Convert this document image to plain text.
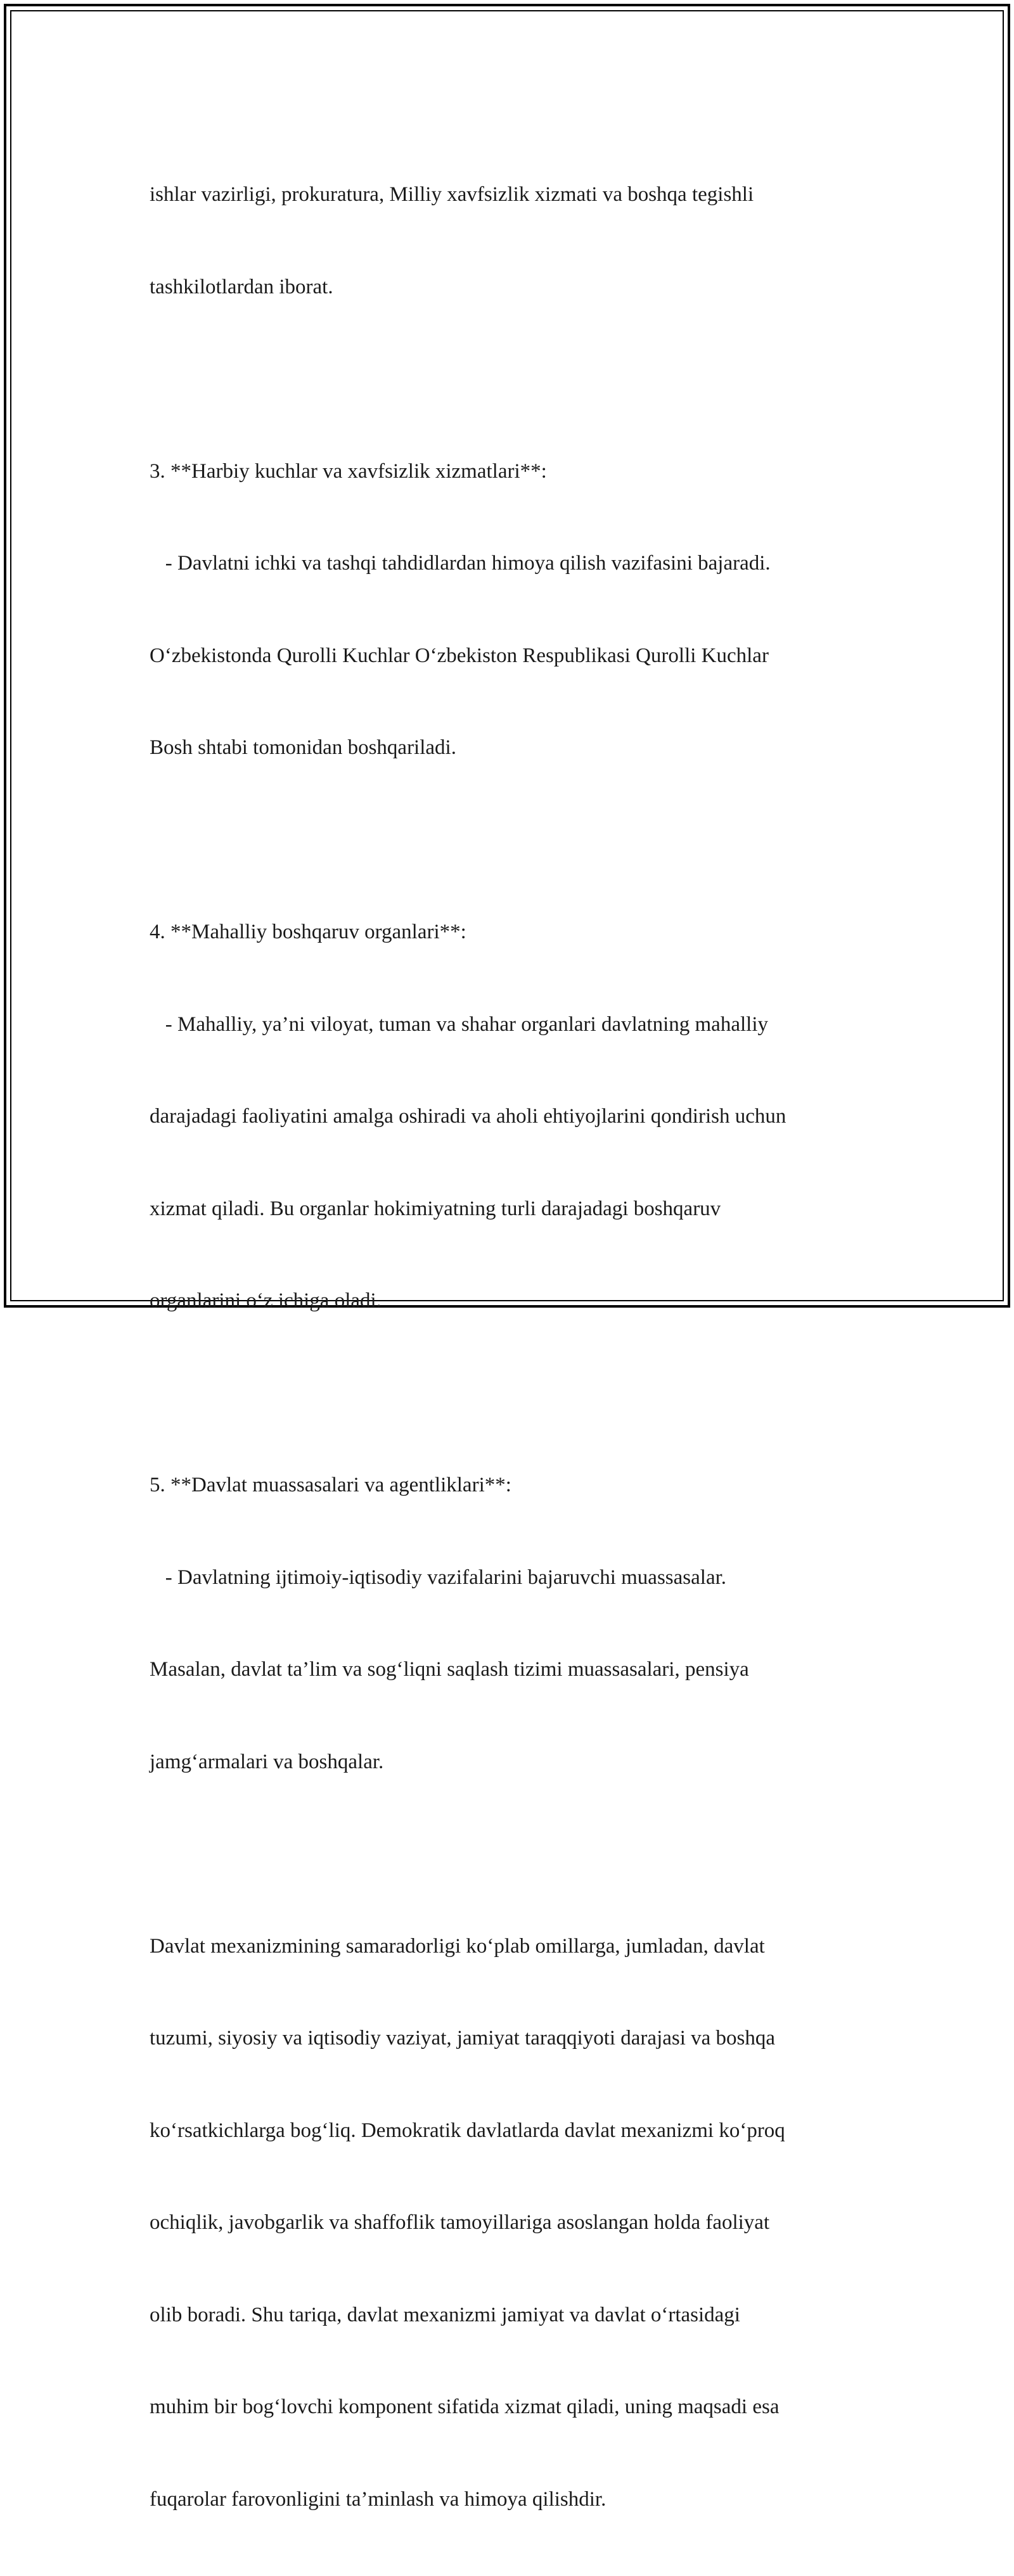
ishlar vazirligi, prokuratura, Milliy xavfsizlik xizmati va boshqa tegishli

tashkilotlardan iborat.

3. **Harbiy kuchlar va xavfsizlik xizmatlari**:

- Davlatni ichki va tashqi tahdidlardan himoya qilish vazifasini bajaradi.

O‘zbekistonda Qurolli Kuchlar O‘zbekiston Respublikasi Qurolli Kuchlar

Bosh shtabi tomonidan boshqariladi.

4. **Mahalliy boshqaruv organlari**:

- Mahalliy, ya’ni viloyat, tuman va shahar organlari davlatning mahalliy

darajadagi faoliyatini amalga oshiradi va aholi ehtiyojlarini qondirish uchun

xizmat qiladi. Bu organlar hokimiyatning turli darajadagi boshqaruv

organlarini o‘z ichiga oladi.

5. **Davlat muassasalari va agentliklari**:

- Davlatning ijtimoiy-iqtisodiy vazifalarini bajaruvchi muassasalar.

Masalan, davlat ta’lim va sog‘liqni saqlash tizimi muassasalari, pensiya

jamg‘armalari va boshqalar.

Davlat mexanizmining samaradorligi ko‘plab omillarga, jumladan, davlat

tuzumi, siyosiy va iqtisodiy vaziyat, jamiyat taraqqiyoti darajasi va boshqa

ko‘rsatkichlarga bog‘liq. Demokratik davlatlarda davlat mexanizmi ko‘proq

ochiqlik, javobgarlik va shaffoflik tamoyillariga asoslangan holda faoliyat

olib boradi. Shu tariqa, davlat mexanizmi jamiyat va davlat o‘rtasidagi

muhim bir bog‘lovchi komponent sifatida xizmat qiladi, uning maqsadi esa

fuqarolar farovonligini ta’minlash va himoya qilishdir.
